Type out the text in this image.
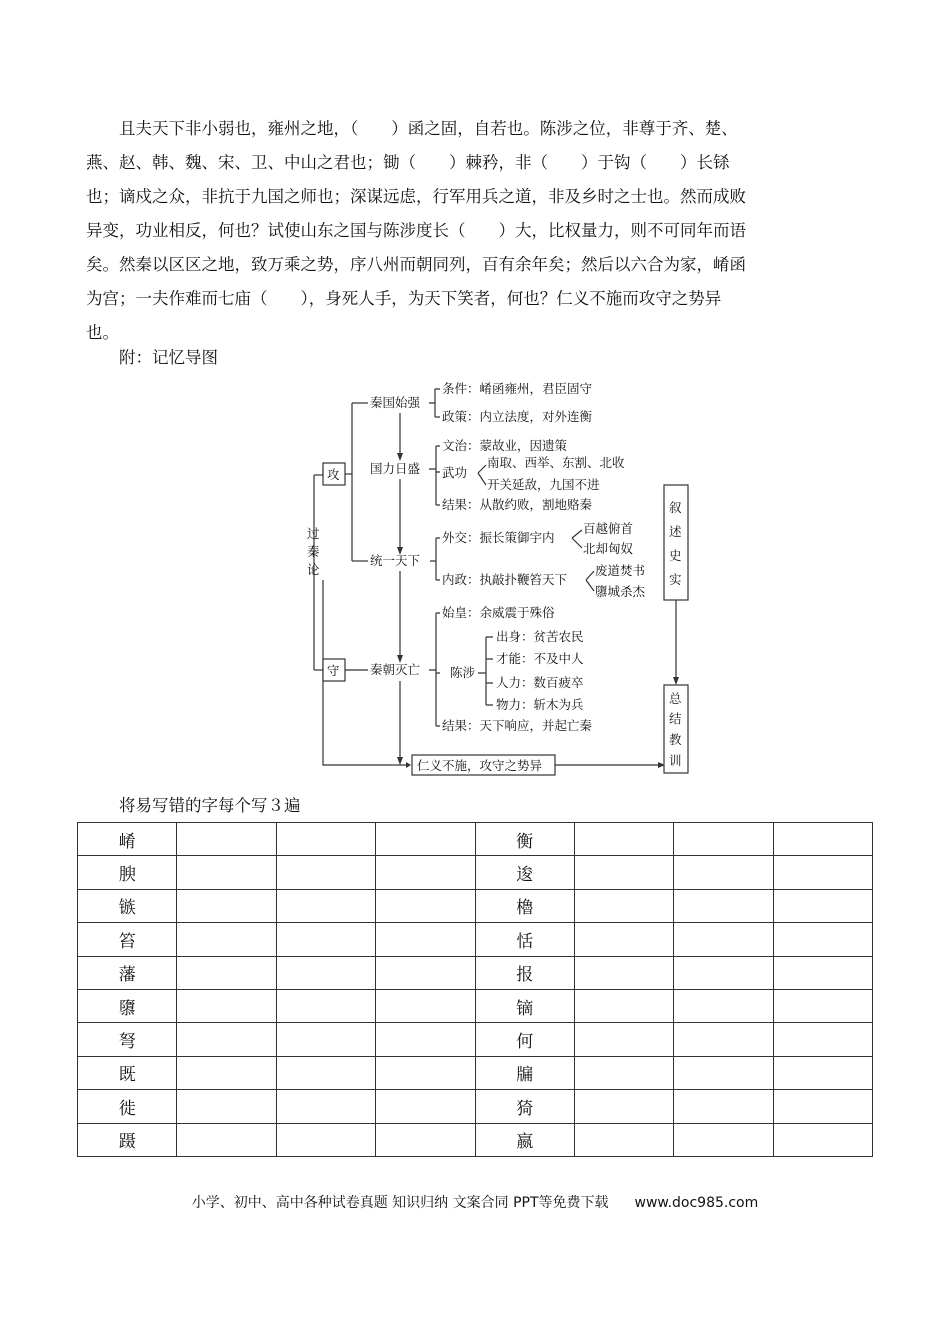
且夫天下非小弱也，雍州之地，（　　）函之固，自若也。陈涉之位，非尊于齐、楚、
燕、赵、韩、魏、宋、卫、中山之君也；锄（　　）棘矜，非（　　）于钩（　　）长铩
也；谪戍之众，非抗于九国之师也；深谋远虑，行军用兵之道，非及乡时之士也。然而成败
异变，功业相反，何也？试使山东之国与陈涉度长（　　）大，比权量力，则不可同年而语
矣。然秦以区区之地，致万乘之势，序八州而朝同列，百有余年矣；然后以六合为家，崤函
为宫；一夫作难而七庙（　　），身死人手，为天下笑者，何也？仁义不施而攻守之势异
也。

附：记忆导图

过
秦
论
攻
守
秦国始强
条件：崤函雍州，君臣固守
政策：内立法度，对外连衡
国力日盛
文治：蒙故业，因遗策
武功
南取、西举、东割、北收
开关延敌，九国不进
结果：从散约败，割地赂秦
统一天下
外交：振长策御宇内
百越俯首
北却匈奴
内政：执敲扑鞭笞天下
废道焚书
隳城杀杰
秦朝灭亡
始皇：余威震于殊俗
陈涉
出身：贫苦农民
才能：不及中人
人力：数百疲卒
物力：斩木为兵
结果：天下响应，并起亡秦
仁义不施，攻守之势异
叙
述
史
实
总
结
教
训

将易写错的字每个写３遍

崤				衡			
腴				逡			
镞				櫓			
笞				恬			
藩				报			
隳				镝			
弩				何			
既				牖			
徙				猗			
蹑				嬴			
小学、初中、高中各种试卷真题 知识归纳 文案合同 PPT等免费下载 www.doc985.com
